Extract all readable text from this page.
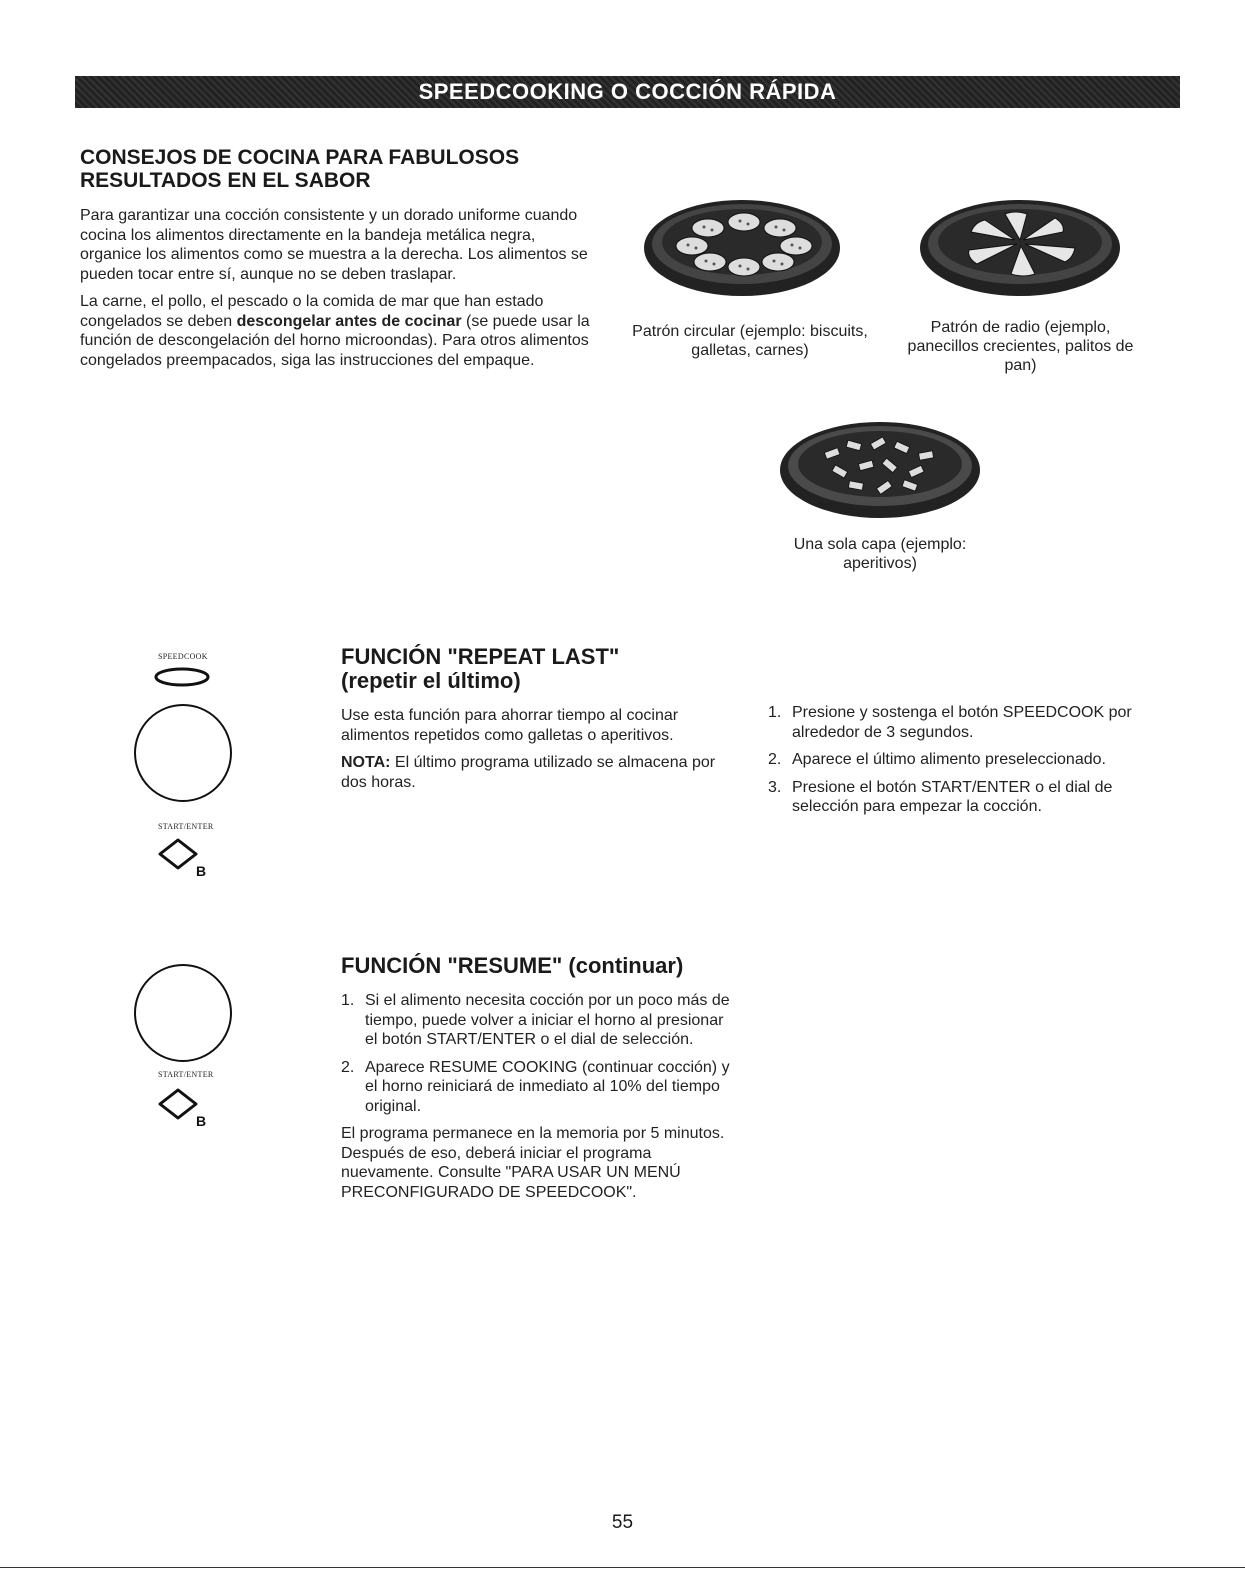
SPEEDCOOKING O COCCIÓN RÁPIDA
CONSEJOS DE COCINA PARA FABULOSOS
RESULTADOS EN EL SABOR

Para garantizar una cocción consistente y un dorado uniforme cuando cocina los alimentos directamente en la bandeja metálica negra, organice los alimentos como se muestra a la derecha. Los alimentos se pueden tocar entre sí, aunque no se deben traslapar.

La carne, el pollo, el pescado o la comida de mar que han estado congelados se deben descongelar antes de cocinar (se puede usar la función de descongelación del horno microondas). Para otros alimentos congelados preempacados, siga las instrucciones del empaque.

Patrón circular (ejemplo: biscuits, galletas, carnes)
Patrón de radio (ejemplo, panecillos crecientes, palitos de pan)
Una sola capa (ejemplo: aperitivos)
SPEEDCOOK
START/ENTER
B
FUNCIÓN "REPEAT LAST"
(repetir el último)

Use esta función para ahorrar tiempo al cocinar alimentos repetidos como galletas o aperitivos.

NOTA: El último programa utilizado se almacena por dos horas.

1. Presione y sostenga el botón SPEEDCOOK por alrededor de 3 segundos.
2. Aparece el último alimento preseleccionado.
3. Presione el botón START/ENTER o el dial de selección para empezar la cocción.
START/ENTER
B
FUNCIÓN "RESUME" (continuar)
1. Si el alimento necesita cocción por un poco más de tiempo, puede volver a iniciar el horno al presionar el botón START/ENTER o el dial de selección.
2. Aparece RESUME COOKING (continuar cocción) y el horno reiniciará de inmediato al 10% del tiempo original.

El programa permanece en la memoria por 5 minutos. Después de eso, deberá iniciar el programa nuevamente. Consulte "PARA USAR UN MENÚ PRECONFIGURADO DE SPEEDCOOK".

55
